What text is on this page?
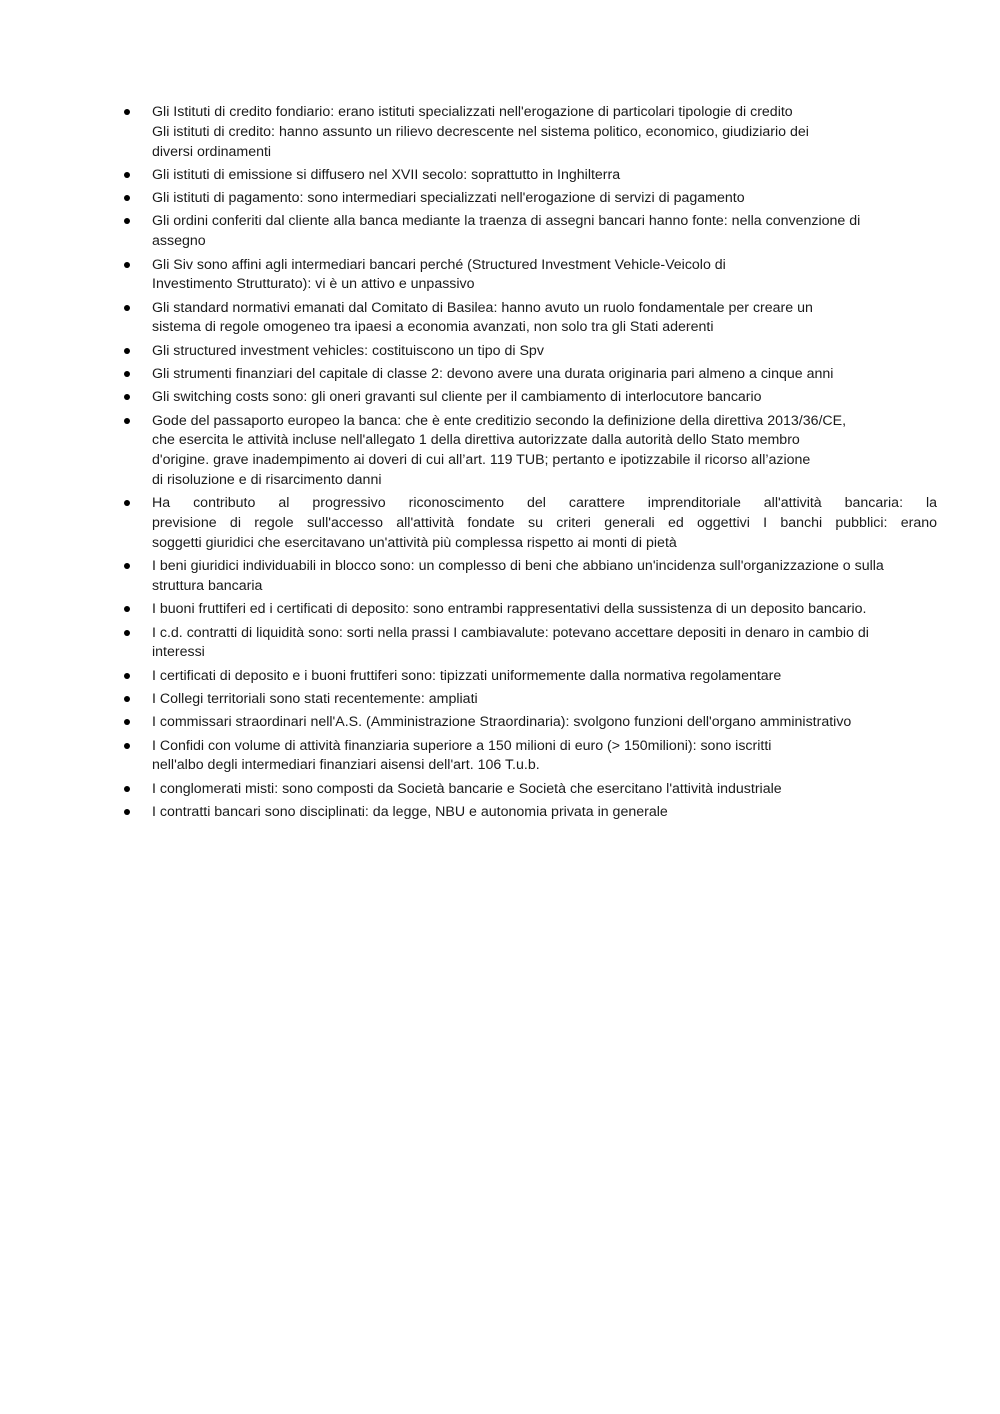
Gli Istituti di credito fondiario: erano istituti specializzati nell'erogazione di particolari tipologie di credito
Gli istituti di credito: hanno assunto un rilievo decrescente nel sistema politico, economico, giudiziario dei
diversi ordinamenti
Gli istituti di emissione si diffusero nel XVII secolo: soprattutto in Inghilterra
Gli istituti di pagamento: sono intermediari specializzati nell'erogazione di servizi di pagamento
Gli ordini conferiti dal cliente alla banca mediante la traenza di assegni bancari hanno fonte: nella convenzione di
assegno
Gli Siv sono affini agli intermediari bancari perché (Structured Investment Vehicle-Veicolo di
Investimento Strutturato): vi è un attivo e unpassivo
Gli standard normativi emanati dal Comitato di Basilea: hanno avuto un ruolo fondamentale per creare un
sistema di regole omogeneo tra ipaesi a economia avanzati, non solo tra gli Stati aderenti
Gli structured investment vehicles: costituiscono un tipo di Spv
Gli strumenti finanziari del capitale di classe 2: devono avere una durata originaria pari almeno a cinque anni
Gli switching costs sono: gli oneri gravanti sul cliente per il cambiamento di interlocutore bancario
Gode del passaporto europeo la banca: che è ente creditizio secondo la definizione della direttiva 2013/36/CE,
che esercita le attività incluse nell'allegato 1 della direttiva autorizzate dalla autorità dello Stato membro
d'origine. grave inadempimento ai doveri di cui all’art. 119 TUB; pertanto e ipotizzabile il ricorso all’azione
di risoluzione e di risarcimento danni
Ha contributo al progressivo riconoscimento del carattere imprenditoriale all'attività bancaria: la
previsione di regole sull'accesso all'attività fondate su criteri generali ed oggettivi I banchi pubblici: erano
soggetti giuridici che esercitavano un'attività più complessa rispetto ai monti di pietà
I beni giuridici individuabili in blocco sono: un complesso di beni che abbiano un'incidenza sull'organizzazione o sulla
struttura bancaria
I buoni fruttiferi ed i certificati di deposito: sono entrambi rappresentativi della sussistenza di un deposito bancario.
I c.d. contratti di liquidità sono: sorti nella prassi I cambiavalute: potevano accettare depositi in denaro in cambio di
interessi
I certificati di deposito e i buoni fruttiferi sono: tipizzati uniformemente dalla normativa regolamentare
I Collegi territoriali sono stati recentemente: ampliati
I commissari straordinari nell'A.S. (Amministrazione Straordinaria): svolgono funzioni dell'organo amministrativo
I Confidi con volume di attività finanziaria superiore a 150 milioni di euro (> 150milioni): sono iscritti
nell'albo degli intermediari finanziari aisensi dell'art. 106 T.u.b.
I conglomerati misti: sono composti da Società bancarie e Società che esercitano l'attività industriale
I contratti bancari sono disciplinati: da legge, NBU e autonomia privata in generale
